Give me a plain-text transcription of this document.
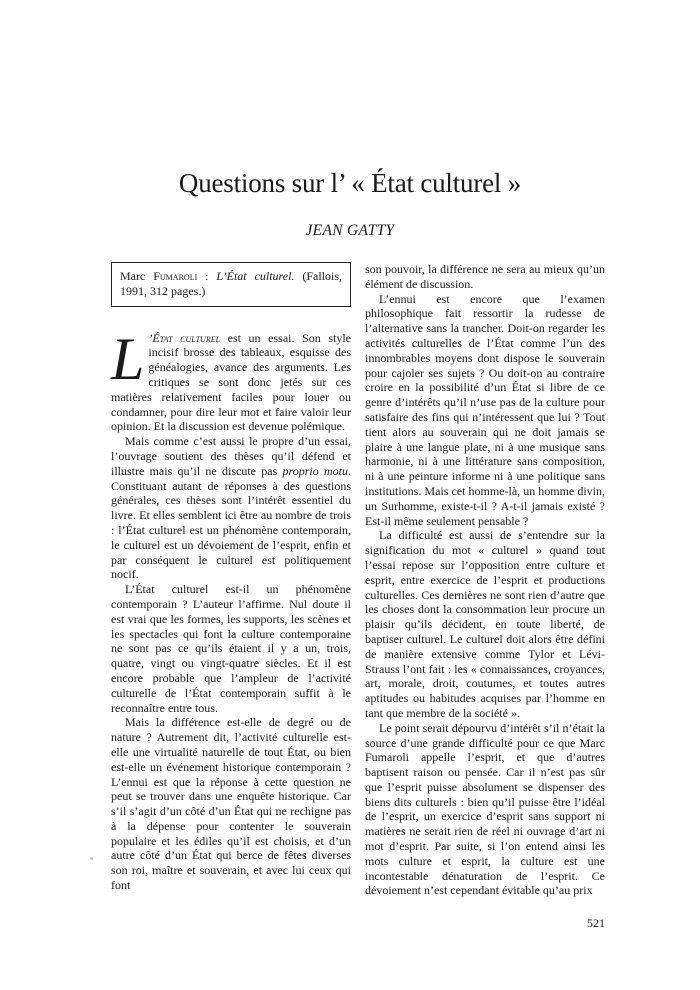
Questions sur l’ « État culturel »
JEAN GATTY
Marc Fumaroli : L’État culturel. (Fallois, 1991, 312 pages.)

L ’État culturel est un essai. Son style incisif brosse des tableaux, esquisse des généalogies, avance des arguments. Les critiques se sont donc jetés sur ces matières relativement faciles pour louer ou condamner, pour dire leur mot et faire valoir leur opinion. Et la discussion est devenue polémique.

Mais comme c’est aussi le propre d’un essai, l’ouvrage soutient des thèses qu’il défend et illustre mais qu’il ne discute pas proprio motu. Constituant autant de réponses à des questions générales, ces thèses sont l’intérêt essentiel du livre. Et elles semblent ici être au nombre de trois : l’État culturel est un phénomène contemporain, le culturel est un dévoiement de l’esprit, enfin et par conséquent le culturel est politiquement nocif.

L’État culturel est-il un phénomène contemporain ? L’auteur l’affirme. Nul doute il est vrai que les formes, les supports, les scènes et les spectacles qui font la culture contemporaine ne sont pas ce qu’ils étaient il y a un, trois, quatre, vingt ou vingt-quatre siècles. Et il est encore probable que l’ampleur de l’activité culturelle de l’État contemporain suffit à le reconnaître entre tous.

Mais la différence est-elle de degré ou de nature ? Autrement dit, l’activité culturelle est-elle une virtualité naturelle de tout État, ou bien est-elle un événement historique contemporain ? L’ennui est que la réponse à cette question ne peut se trouver dans une enquête historique. Car s’il s’agit d’un côté d’un État qui ne rechigne pas à la dépense pour contenter le souverain populaire et les édiles qu’il est choisis, et d’un autre côté d’un État qui berce de fêtes diverses son roi, maître et souverain, et avec lui ceux qui font

son pouvoir, la différence ne sera au mieux qu’un élément de discussion.

L’ennui est encore que l’examen philosophique fait ressortir la rudesse de l’alternative sans la trancher. Doit-on regarder les activités culturelles de l’État comme l’un des innombrables moyens dont dispose le souverain pour cajoler ses sujets ? Ou doit-on au contraire croire en la possibilité d’un État si libre de ce genre d’intérêts qu’il n’use pas de la culture pour satisfaire des fins qui n’intéressent que lui ? Tout tient alors au souverain qui ne doit jamais se plaire à une langue plate, ni à une musique sans harmonie, ni à une littérature sans composition, ni à une peinture informe ni à une politique sans institutions. Mais cet homme-là, un homme divin, un Surhomme, existe-t-il ? A-t-il jamais existé ? Est-il même seulement pensable ?

La difficulté est aussi de s’entendre sur la signification du mot « culturel » quand tout l’essai repose sur l’opposition entre culture et esprit, entre exercice de l’esprit et productions culturelles. Ces dernières ne sont rien d’autre que les choses dont la consommation leur procure un plaisir qu’ils décident, en toute liberté, de baptiser culturel. Le culturel doit alors être défini de manière extensive comme Tylor et Lévi-Strauss l’ont fait : les « connaissances, croyances, art, morale, droit, coutumes, et toutes autres aptitudes ou habitudes acquises par l’homme en tant que membre de la société ».

Le point serait dépourvu d’intérêt s’il n’était la source d’une grande difficulté pour ce que Marc Fumaroli appelle l’esprit, et que d’autres baptisent raison ou pensée. Car il n’est pas sûr que l’esprit puisse absolument se dispenser des biens dits culturels : bien qu’il puisse être l’idéal de l’esprit, un exercice d’esprit sans support ni matières ne serait rien de réel ni ouvrage d’art ni mot d’esprit. Par suite, si l’on entend ainsi les mots culture et esprit, la culture est une incontestable dénaturation de l’esprit. Ce dévoiement n’est cependant évitable qu’au prix

521
